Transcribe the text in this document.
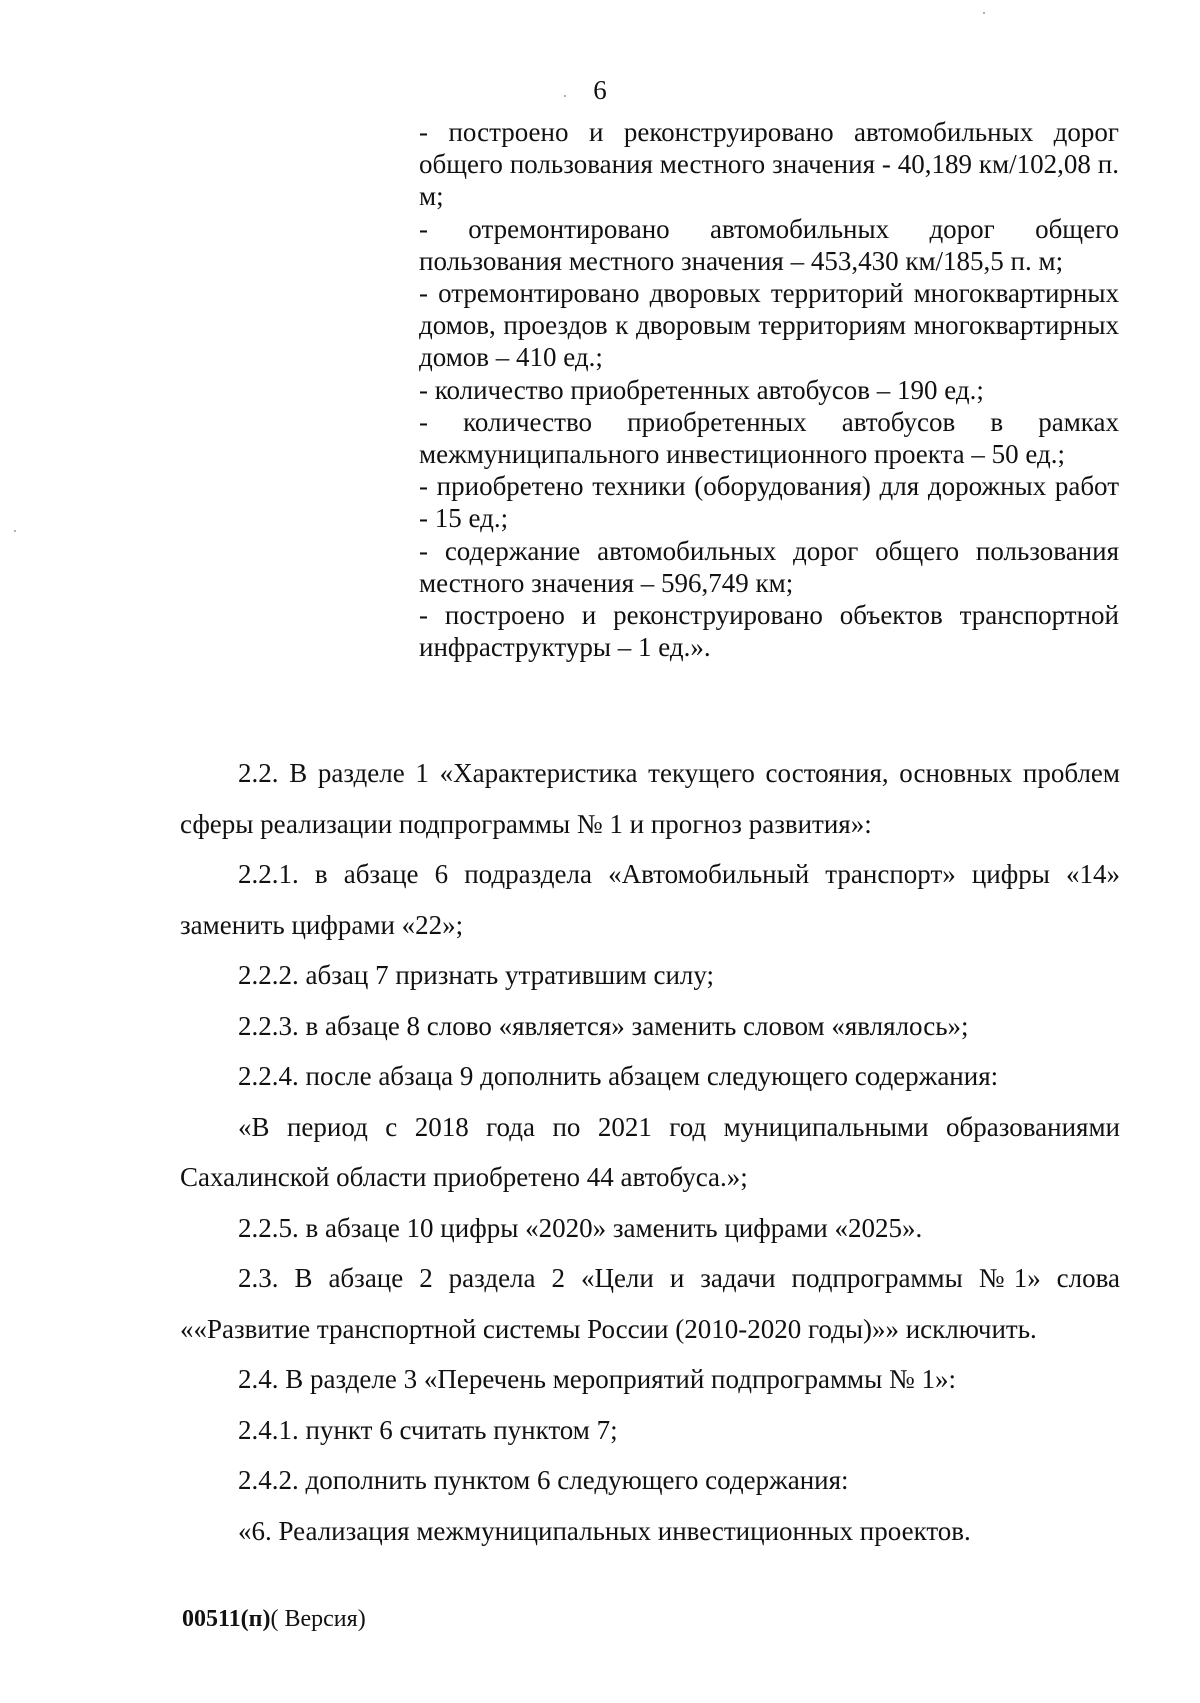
6

- построено и реконструировано автомобильных дорог общего пользования местного значения - 40,189 км/102,08 п. м;

- отремонтировано автомобильных дорог общего пользования местного значения – 453,430 км/185,5 п. м;

- отремонтировано дворовых территорий многоквартирных домов, проездов к дворовым территориям многоквартирных домов – 410 ед.;

- количество приобретенных автобусов – 190 ед.;

- количество приобретенных автобусов в рамках межмуниципального инвестиционного проекта – 50 ед.;

- приобретено техники (оборудования) для дорожных работ - 15 ед.;

- содержание автомобильных дорог общего пользования местного значения – 596,749 км;

- построено и реконструировано объектов транспортной инфраструктуры – 1 ед.».

2.2. В разделе 1 «Характеристика текущего состояния, основных проблем сферы реализации подпрограммы № 1 и прогноз развития»:

2.2.1. в абзаце 6 подраздела «Автомобильный транспорт» цифры «14» заменить цифрами «22»;

2.2.2. абзац 7 признать утратившим силу;

2.2.3. в абзаце 8 слово «является» заменить словом «являлось»;

2.2.4. после абзаца 9 дополнить абзацем следующего содержания:

«В период с 2018 года по 2021 год муниципальными образованиями Сахалинской области приобретено 44 автобуса.»;

2.2.5. в абзаце 10 цифры «2020» заменить цифрами «2025».

2.3. В абзаце 2 раздела 2 «Цели и задачи подпрограммы №1» слова ««Развитие транспортной системы России (2010-2020 годы)»» исключить.

2.4. В разделе 3 «Перечень мероприятий подпрограммы № 1»:

2.4.1. пункт 6 считать пунктом 7;

2.4.2. дополнить пунктом 6 следующего содержания:

«6. Реализация межмуниципальных инвестиционных проектов.

00511(п)( Версия)
